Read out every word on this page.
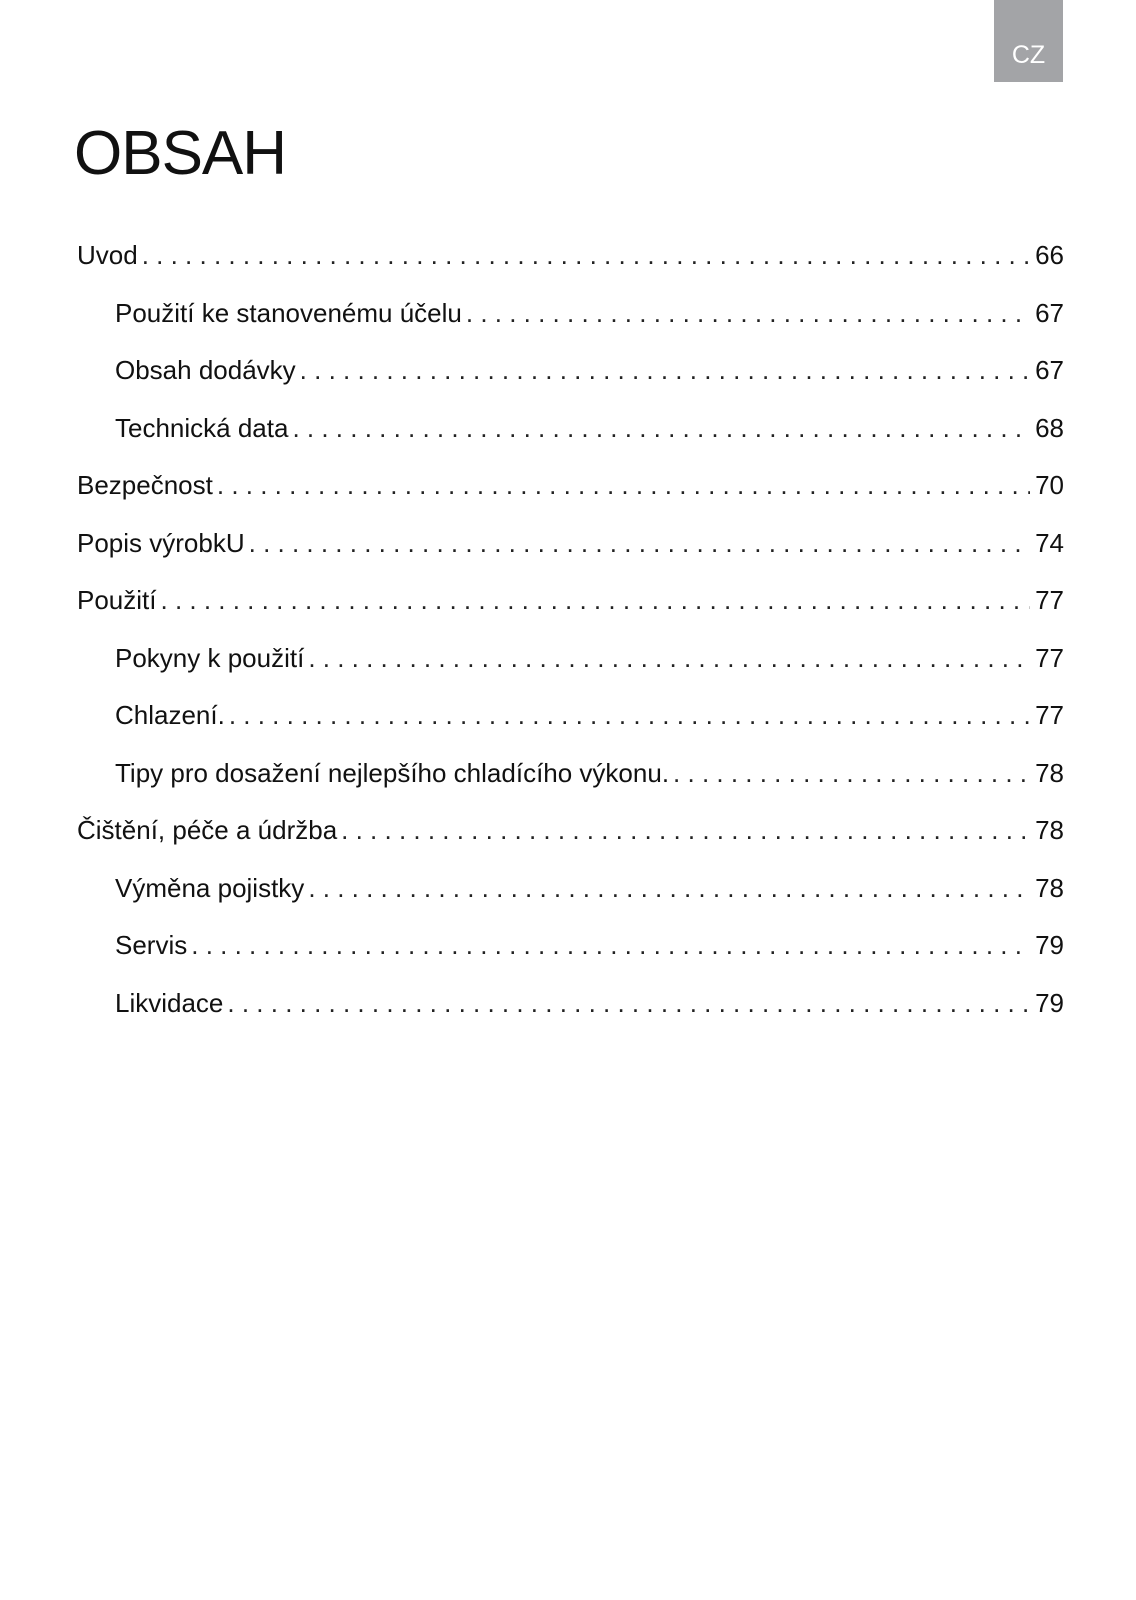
CZ
OBSAH
Uvod . . .	66
Použití ke stanovenému účelu . . .	67
Obsah dodávky . . .	67
Technická data . . .	68
Bezpečnost . . .	70
Popis výrobkU . . .	74
Použití . . .	77
Pokyny k použití . . .	77
Chlazení. . . .	77
Tipy pro dosažení nejlepšího chladícího výkonu. . . .	78
Čištění, péče a údržba . . .	78
Výměna pojistky . . .	78
Servis . . .	79
Likvidace . . .	79
